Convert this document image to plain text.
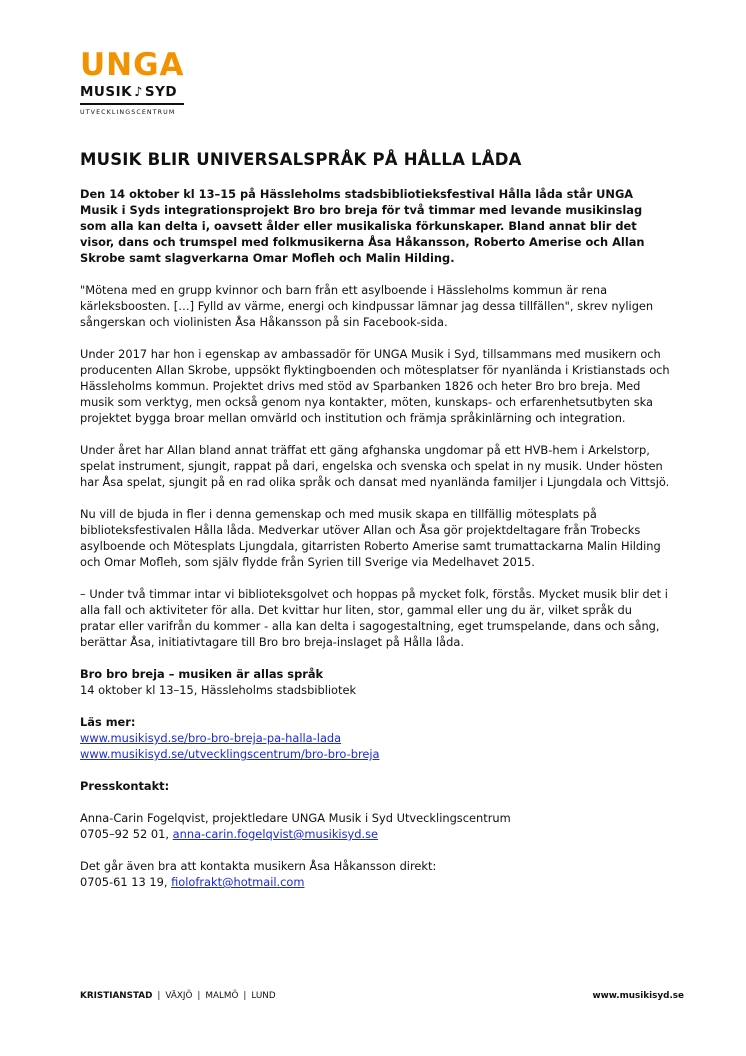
UNGA
MUSIK ♪ SYD
UTVECKLINGSCENTRUM
MUSIK BLIR UNIVERSALSPRÅK PÅ HÅLLA LÅDA

Den 14 oktober kl 13–15 på Hässleholms stadsbibliotieksfestival Hålla låda står UNGA Musik i Syds integrationsprojekt Bro bro breja för två timmar med levande musikinslag som alla kan delta i, oavsett ålder eller musikaliska förkunskaper. Bland annat blir det visor, dans och trumspel med folkmusikerna Åsa Håkansson, Roberto Amerise och Allan Skrobe samt slagverkarna Omar Mofleh och Malin Hilding.

"Mötena med en grupp kvinnor och barn från ett asylboende i Hässleholms kommun är rena kärleksboosten. […] Fylld av värme, energi och kindpussar lämnar jag dessa tillfällen", skrev nyligen sångerskan och violinisten Åsa Håkansson på sin Facebook-sida.

Under 2017 har hon i egenskap av ambassadör för UNGA Musik i Syd, tillsammans med musikern och producenten Allan Skrobe, uppsökt flyktingboenden och mötesplatser för nyanlända i Kristianstads och Hässleholms kommun. Projektet drivs med stöd av Sparbanken 1826 och heter Bro bro breja. Med musik som verktyg, men också genom nya kontakter, möten, kunskaps- och erfarenhetsutbyten ska projektet bygga broar mellan omvärld och institution och främja språkinlärning och integration.

Under året har Allan bland annat träffat ett gäng afghanska ungdomar på ett HVB-hem i Arkelstorp, spelat instrument, sjungit, rappat på dari, engelska och svenska och spelat in ny musik. Under hösten har Åsa spelat, sjungit på en rad olika språk och dansat med nyanlända familjer i Ljungdala och Vittsjö.

Nu vill de bjuda in fler i denna gemenskap och med musik skapa en tillfällig mötesplats på biblioteksfestivalen Hålla låda. Medverkar utöver Allan och Åsa gör projektdeltagare från Trobecks asylboende och Mötesplats Ljungdala, gitarristen Roberto Amerise samt trumattackarna Malin Hilding och Omar Mofleh, som själv flydde från Syrien till Sverige via Medelhavet 2015.

– Under två timmar intar vi biblioteksgolvet och hoppas på mycket folk, förstås. Mycket musik blir det i alla fall och aktiviteter för alla. Det kvittar hur liten, stor, gammal eller ung du är, vilket språk du pratar eller varifrån du kommer - alla kan delta i sagogestaltning, eget trumspelande, dans och sång, berättar Åsa, initiativtagare till Bro bro breja-inslaget på Hålla låda.

Bro bro breja – musiken är allas språk
14 oktober kl 13–15, Hässleholms stadsbibliotek
Läs mer:
www.musikisyd.se/bro-bro-breja-pa-halla-lada
www.musikisyd.se/utvecklingscentrum/bro-bro-breja
Presskontakt:
Anna-Carin Fogelqvist, projektledare UNGA Musik i Syd Utvecklingscentrum
0705–92 52 01, anna-carin.fogelqvist@musikisyd.se
Det går även bra att kontakta musikern Åsa Håkansson direkt:
0705-61 13 19, fiolofrakt@hotmail.com
KRISTIANSTAD | VÄXJÖ | MALMÖ | LUND	www.musikisyd.se
